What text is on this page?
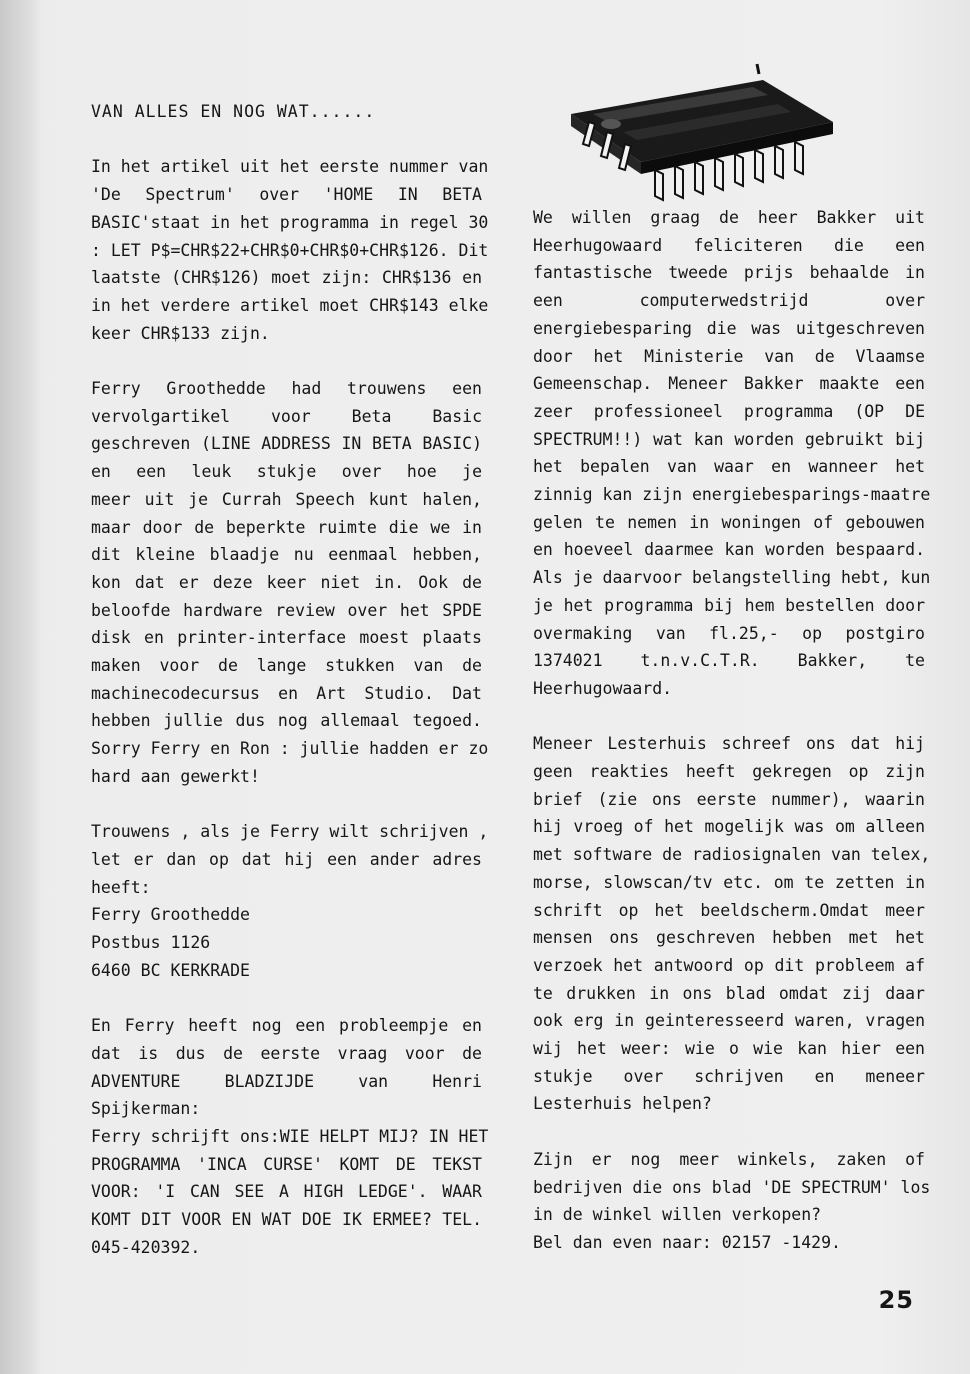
VAN ALLES EN NOG WAT......

In het artikel uit het eerste nummer van
'De Spectrum' over 'HOME IN BETA
BASIC'staat in het programma in regel 30
: LET P$=CHR$22+CHR$0+CHR$0+CHR$126. Dit
laatste (CHR$126) moet zijn: CHR$136 en
in het verdere artikel moet CHR$143 elke
keer CHR$133 zijn.

Ferry Groothedde had trouwens een
vervolgartikel voor Beta Basic
geschreven (LINE ADDRESS IN BETA BASIC)
en een leuk stukje over hoe je
meer uit je Currah Speech kunt halen,
maar door de beperkte ruimte die we in
dit kleine blaadje nu eenmaal hebben,
kon dat er deze keer niet in. Ook de
beloofde hardware review over het SPDE
disk en printer-interface moest plaats
maken voor de lange stukken van de
machinecodecursus en Art Studio. Dat
hebben jullie dus nog allemaal tegoed.
Sorry Ferry en Ron : jullie hadden er zo
hard aan gewerkt!

Trouwens , als je Ferry wilt schrijven ,
let er dan op dat hij een ander adres
heeft:
Ferry Groothedde
Postbus 1126
6460 BC KERKRADE

En Ferry heeft nog een probleempje en
dat is dus de eerste vraag voor de
ADVENTURE BLADZIJDE van Henri
Spijkerman:
Ferry schrijft ons:WIE HELPT MIJ? IN HET
PROGRAMMA 'INCA CURSE' KOMT DE TEKST
VOOR: 'I CAN SEE A HIGH LEDGE'. WAAR
KOMT DIT VOOR EN WAT DOE IK ERMEE? TEL.
045-420392.

We willen graag de heer Bakker uit
Heerhugowaard feliciteren die een
fantastische tweede prijs behaalde in
een computerwedstrijd over
energiebesparing die was uitgeschreven
door het Ministerie van de Vlaamse
Gemeenschap. Meneer Bakker maakte een
zeer professioneel programma (OP DE
SPECTRUM!!) wat kan worden gebruikt bij
het bepalen van waar en wanneer het
zinnig kan zijn energiebesparings-maatre
gelen te nemen in woningen of gebouwen
en hoeveel daarmee kan worden bespaard.
Als je daarvoor belangstelling hebt, kun
je het programma bij hem bestellen door
overmaking van fl.25,- op postgiro
1374021 t.n.v.C.T.R. Bakker, te
Heerhugowaard.

Meneer Lesterhuis schreef ons dat hij
geen reakties heeft gekregen op zijn
brief (zie ons eerste nummer), waarin
hij vroeg of het mogelijk was om alleen
met software de radiosignalen van telex,
morse, slowscan/tv etc. om te zetten in
schrift op het beeldscherm.Omdat meer
mensen ons geschreven hebben met het
verzoek het antwoord op dit probleem af
te drukken in ons blad omdat zij daar
ook erg in geinteresseerd waren, vragen
wij het weer: wie o wie kan hier een
stukje over schrijven en meneer
Lesterhuis helpen?

Zijn er nog meer winkels, zaken of
bedrijven die ons blad 'DE SPECTRUM' los
in de winkel willen verkopen?
Bel dan even naar: 02157 -1429.

25
